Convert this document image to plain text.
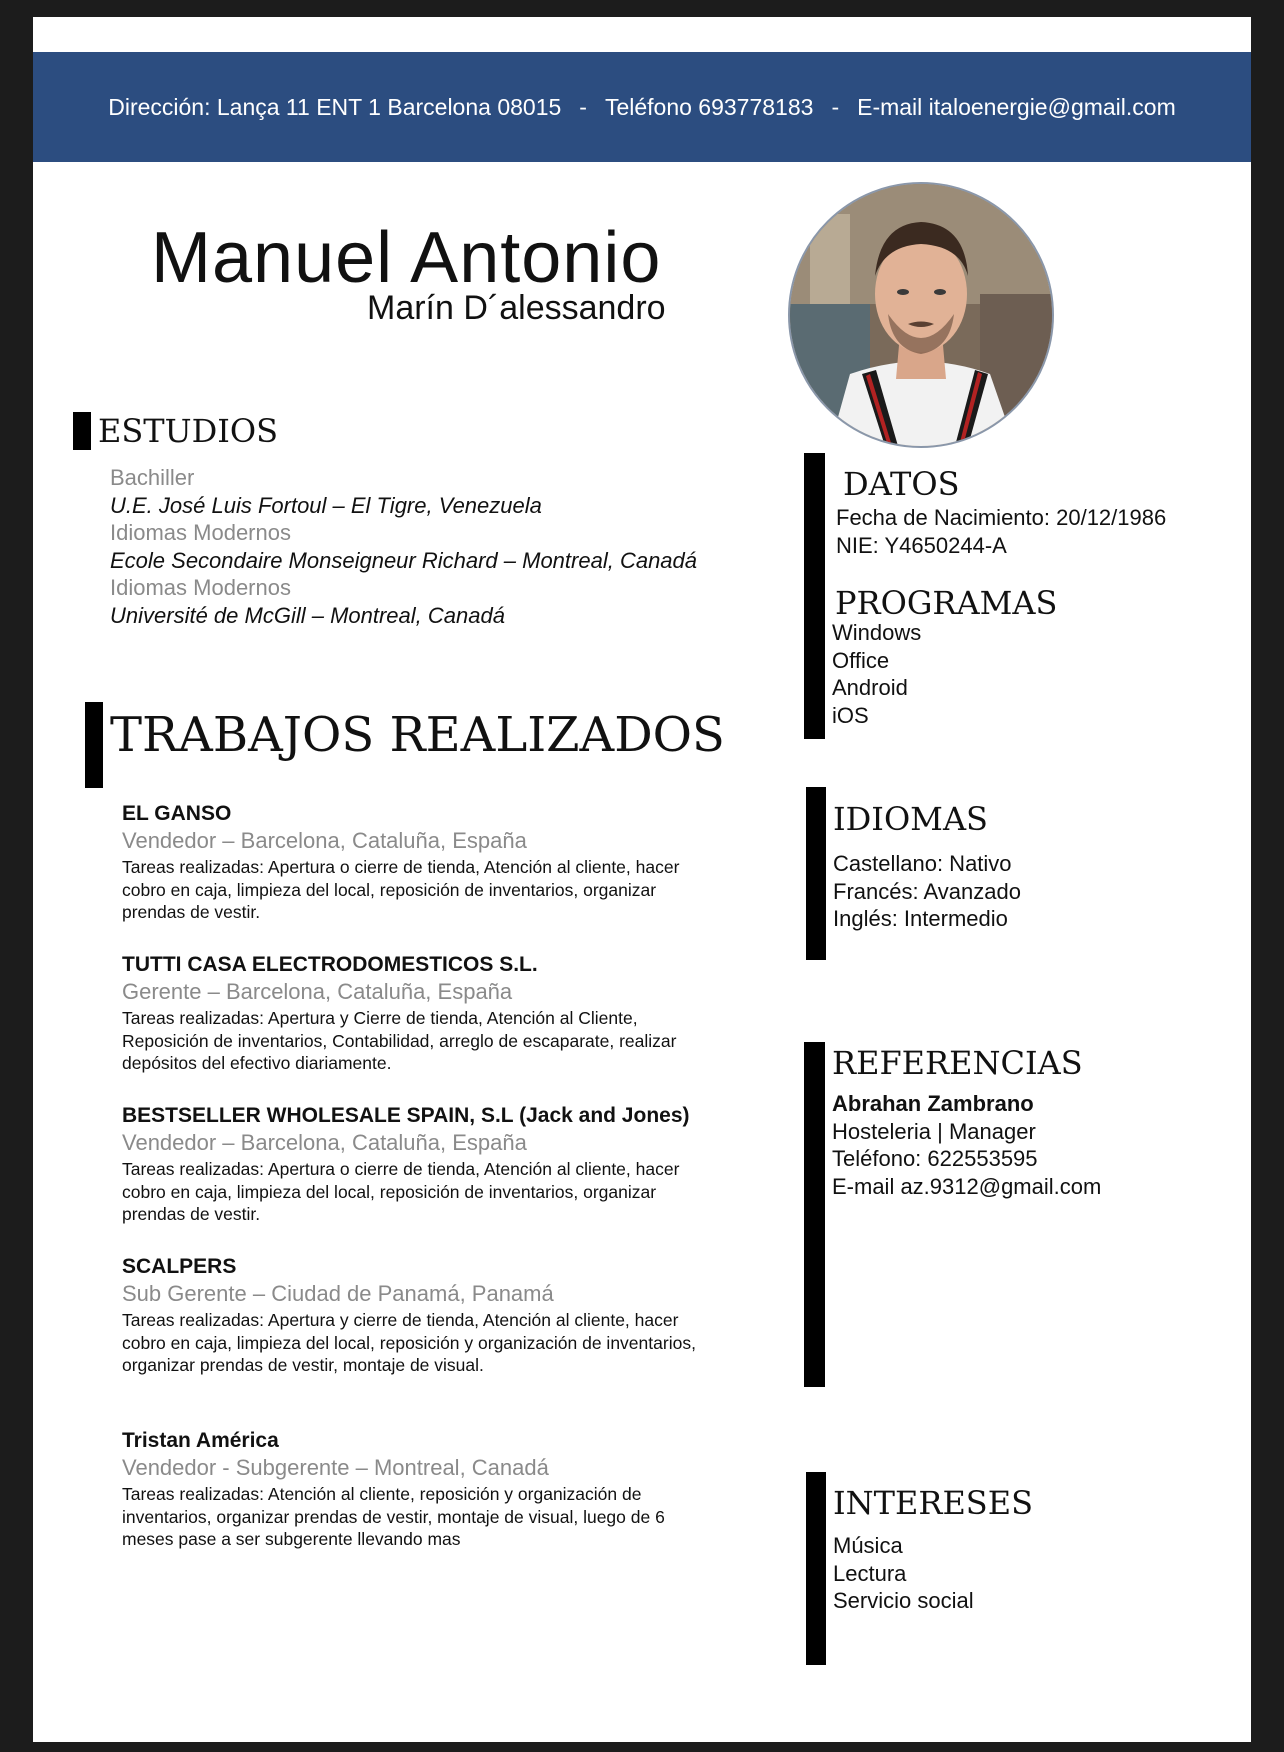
Dirección: Lança 11 ENT 1 Barcelona 08015 - Teléfono 693778183 - E-mail italoenergie@gmail.com
Manuel Antonio
Marín D´alessandro
ESTUDIOS
Bachiller
U.E. José Luis Fortoul – El Tigre, Venezuela
Idiomas Modernos
Ecole Secondaire Monseigneur Richard – Montreal, Canadá
Idiomas Modernos
Université de McGill – Montreal, Canadá
TRABAJOS REALIZADOS
EL GANSO
Vendedor – Barcelona, Cataluña, España
Tareas realizadas: Apertura o cierre de tienda, Atención al cliente, hacer cobro en caja, limpieza del local, reposición de inventarios, organizar prendas de vestir.
TUTTI CASA ELECTRODOMESTICOS S.L.
Gerente – Barcelona, Cataluña, España
Tareas realizadas: Apertura y Cierre de tienda, Atención al Cliente, Reposición de inventarios, Contabilidad, arreglo de escaparate, realizar depósitos del efectivo diariamente.
BESTSELLER WHOLESALE SPAIN, S.L (Jack and Jones)
Vendedor – Barcelona, Cataluña, España
Tareas realizadas: Apertura o cierre de tienda, Atención al cliente, hacer cobro en caja, limpieza del local, reposición de inventarios, organizar prendas de vestir.
SCALPERS
Sub Gerente – Ciudad de Panamá, Panamá
Tareas realizadas: Apertura y cierre de tienda, Atención al cliente, hacer cobro en caja, limpieza del local, reposición y organización de inventarios, organizar prendas de vestir, montaje de visual.
Tristan América
Vendedor - Subgerente – Montreal, Canadá
Tareas realizadas: Atención al cliente, reposición y organización de inventarios, organizar prendas de vestir, montaje de visual, luego de 6 meses pase a ser subgerente llevando mas
DATOS
Fecha de Nacimiento: 20/12/1986
NIE: Y4650244-A
PROGRAMAS
Windows
Office
Android
iOS
IDIOMAS
Castellano: Nativo
Francés: Avanzado
Inglés: Intermedio
REFERENCIAS
Abrahan Zambrano
Hosteleria | Manager
Teléfono: 622553595
E-mail az.9312@gmail.com
INTERESES
Música
Lectura
Servicio social
